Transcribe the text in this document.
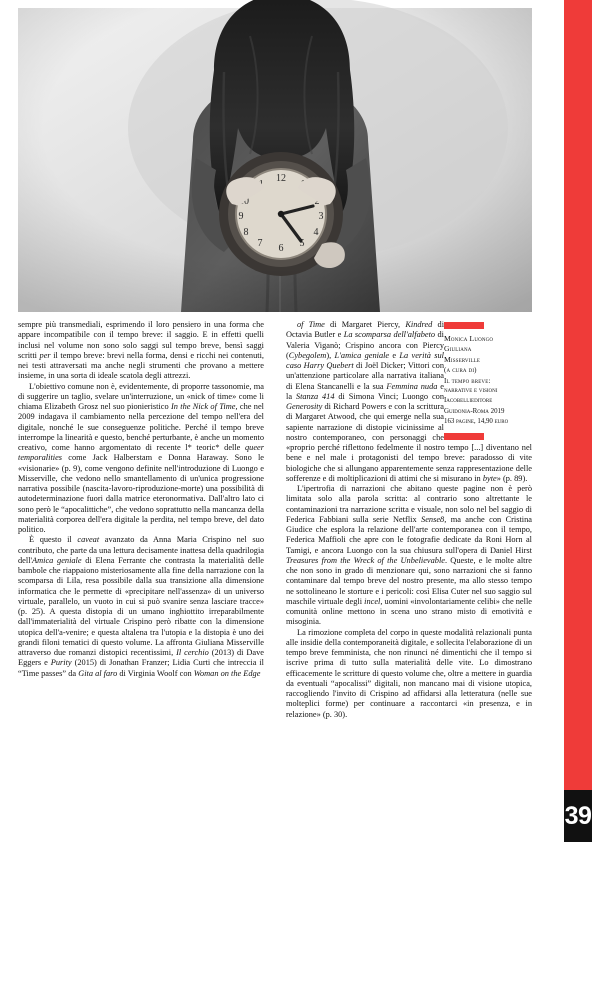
sempre più transmediali, esprimendo il loro pensiero in una forma che appare incompatibile con il tempo breve: il saggio. E in effetti quelli inclusi nel volume non sono solo saggi sul tempo breve, bensì saggi scritti per il tempo breve: brevi nella forma, densi e ricchi nei contenuti, nei testi attraversati ma anche negli strumenti che provano a mettere insieme, in una sorta di ideale scatola degli attrezzi.

L'obiettivo comune non è, evidentemente, di proporre tassonomie, ma di suggerire un taglio, svelare un'interruzione, un «nick of time» come li chiama Elizabeth Grosz nel suo pionieristico In the Nick of Time, che nel 2009 indagava il cambiamento nella percezione del tempo nell'era del digitale, nonché le sue conseguenze politiche. Perché il tempo breve interrompe la linearità e questo, benché perturbante, è anche un momento creativo, come hanno argomentato di recente l* teoric* delle queer temporalities come Jack Halberstam e Donna Haraway. Sono le «visionarie» (p. 9), come vengono definite nell'introduzione di Luongo e Misserville, che vedono nello smantellamento di un'unica progressione narrativa possibile (nascita-lavoro-riproduzione-morte) una possibilità di autodeterminazione fuori dalla matrice eteronormativa. Dall'altro lato ci sono però le “apocalittiche”, che vedono soprattutto nella mancanza della materialità corporea dell'era digitale la perdita, nel tempo breve, del dato politico.

È questo il caveat avanzato da Anna Maria Crispino nel suo contributo, che parte da una lettura decisamente inattesa della quadrilogia dell'Amica geniale di Elena Ferrante che contrasta la materialità delle bambole che riappaiono misteriosamente alla fine della narrazione con la scomparsa di Lila, resa possibile dalla sua transizione alla dimensione informatica che le permette di «precipitare nell'assenza» di un universo virtuale, parallelo, un vuoto in cui si può svanire senza lasciare tracce» (p. 25). A questa distopia di un umano inghiottito irreparabilmente dall'immaterialità del virtuale Crispino però ribatte con la dimensione utopica dell'a-venire; e questa altalena tra l'utopia e la distopia è uno dei grandi filoni tematici di questo volume. La affronta Giuliana Misserville attraverso due romanzi distopici recentissimi, Il cerchio (2013) di Dave Eggers e Purity (2015) di Jonathan Franzer; Lidia Curti che intreccia il “Time passes” da Gita al faro di Virginia Woolf con Woman on the Edge

Monica Luongo
Giuliana
Misserville
(a cura di)
Il tempo breve:
narrative e visioni
Iacobellieditore
Guidonia-Roma 2019
163 pagine, 14,90 euro

of Time di Margaret Piercy, Kindred di Octavia Butler e La scomparsa dell'alfabeto di Valeria Viganò; Crispino ancora con Piercy (Cybegolem), L'amica geniale e La verità sul caso Harry Quebert di Joël Dicker; Vittori con un'attenzione particolare alla narrativa italiana di Elena Stancanelli e la sua Femmina nuda e la Stanza 414 di Simona Vinci; Luongo con Generosity di Richard Powers e con la scrittura di Margaret Atwood, che qui emerge nella sua sapiente narrazione di distopie vicinissime al nostro contemporaneo, con personaggi che «proprio perché riflettono fedelmente il nostro tempo [...] diventano nel bene e nel male i protagonisti del tempo breve: paradosso di vite biologiche che si allungano apparentemente senza rappresentazione delle sofferenze e di moltiplicazioni di attimi che si misurano in byte» (p. 89).

L'ipertrofia di narrazioni che abitano queste pagine non è però limitata solo alla parola scritta: al contrario sono altrettante le contaminazioni tra narrazione scritta e visuale, non solo nel bel saggio di Federica Fabbiani sulla serie Netflix Sense8, ma anche con Cristina Giudice che esplora la relazione dell'arte contemporanea con il tempo, Federica Maffioli che apre con le fotografie dedicate da Roni Horn al Tamigi, e ancora Luongo con la sua chiusura sull'opera di Daniel Hirst Treasures from the Wreck of the Unbelievable. Queste, e le molte altre che non sono in grado di menzionare qui, sono narrazioni che si fanno contaminare dal tempo breve del nostro presente, ma allo stesso tempo ne sottolineano le storture e i pericoli: così Elisa Cuter nel suo saggio sul maschile virtuale degli incel, uomini «involontariamente celibi» che nelle comunità online mettono in scena uno strano misto di emotività e misoginia.

La rimozione completa del corpo in queste modalità relazionali punta alle insidie della contemporaneità digitale, e sollecita l'elaborazione di un tempo breve femminista, che non rinunci né dimentichi che il tempo si iscrive prima di tutto sulla materialità delle vite. Lo dimostrano efficacemente le scritture di questo volume che, oltre a mettere in guardia da eventuali “apocalissi” digitali, non mancano mai di visione utopica, raccogliendo l'invito di Crispino ad affidarsi alla letteratura (nelle sue molteplici forme) per continuare a raccontarci «in presenza, e in relazione» (p. 30).

Leggendaria 137 / settembre 2019
39
